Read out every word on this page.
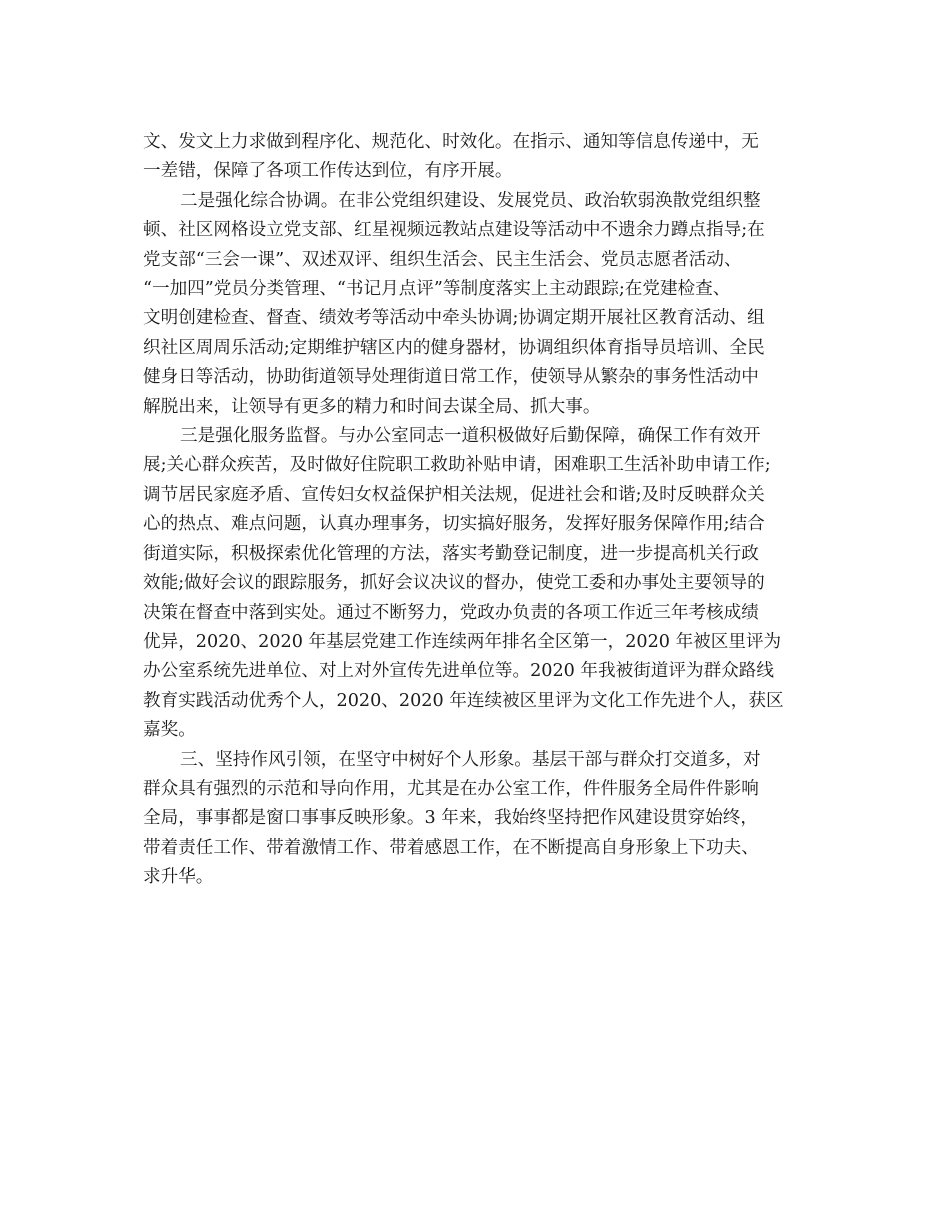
文、发文上力求做到程序化、规范化、时效化。在指示、通知等信息传递中，无
一差错，保障了各项工作传达到位，有序开展。
二是强化综合协调。在非公党组织建设、发展党员、政治软弱涣散党组织整
顿、社区网格设立党支部、红星视频远教站点建设等活动中不遗余力蹲点指导;在
党支部“三会一课”、双述双评、组织生活会、民主生活会、党员志愿者活动、
“一加四”党员分类管理、“书记月点评”等制度落实上主动跟踪;在党建检查、
文明创建检查、督查、绩效考等活动中牵头协调;协调定期开展社区教育活动、组
织社区周周乐活动;定期维护辖区内的健身器材，协调组织体育指导员培训、全民
健身日等活动，协助街道领导处理街道日常工作，使领导从繁杂的事务性活动中
解脱出来，让领导有更多的精力和时间去谋全局、抓大事。
三是强化服务监督。与办公室同志一道积极做好后勤保障，确保工作有效开
展;关心群众疾苦，及时做好住院职工救助补贴申请，困难职工生活补助申请工作;
调节居民家庭矛盾、宣传妇女权益保护相关法规，促进社会和谐;及时反映群众关
心的热点、难点问题，认真办理事务，切实搞好服务，发挥好服务保障作用;结合
街道实际，积极探索优化管理的方法，落实考勤登记制度，进一步提高机关行政
效能;做好会议的跟踪服务，抓好会议决议的督办，使党工委和办事处主要领导的
决策在督查中落到实处。通过不断努力，党政办负责的各项工作近三年考核成绩
优异，2020、2020 年基层党建工作连续两年排名全区第一，2020 年被区里评为
办公室系统先进单位、对上对外宣传先进单位等。2020 年我被街道评为群众路线
教育实践活动优秀个人，2020、2020 年连续被区里评为文化工作先进个人，获区
嘉奖。
三、坚持作风引领，在坚守中树好个人形象。基层干部与群众打交道多，对
群众具有强烈的示范和导向作用，尤其是在办公室工作，件件服务全局件件影响
全局，事事都是窗口事事反映形象。3 年来，我始终坚持把作风建设贯穿始终，
带着责任工作、带着激情工作、带着感恩工作，在不断提高自身形象上下功夫、
求升华。
